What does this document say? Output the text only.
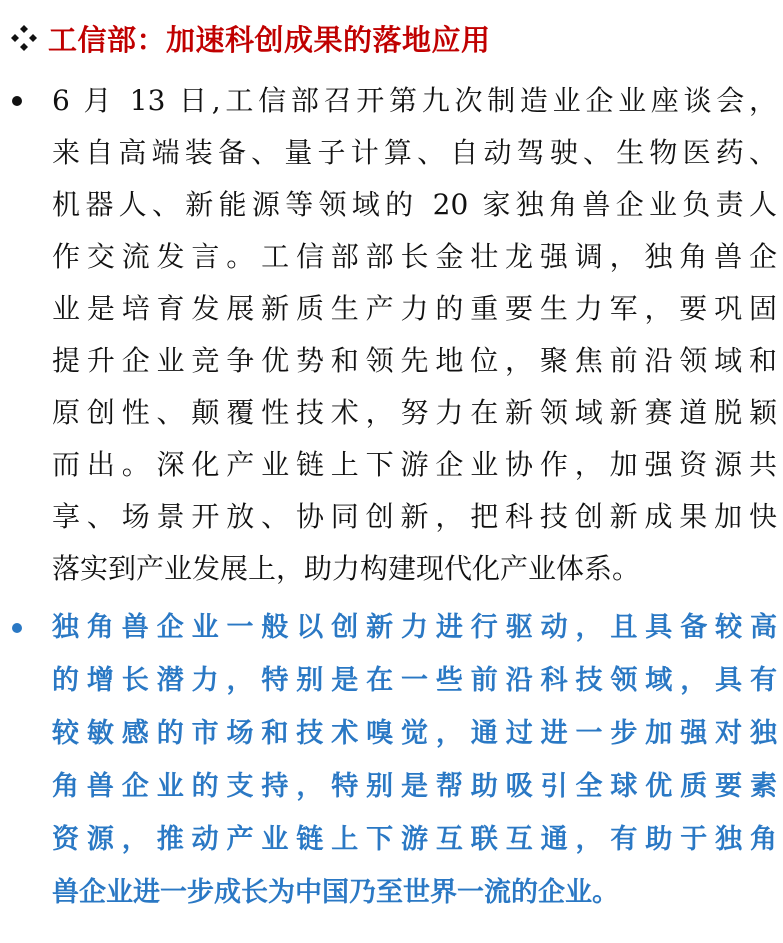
工信部：加速科创成果的落地应用
6 月 13 日,工信部召开第九次制造业企业座谈会，
来自高端装备、量子计算、自动驾驶、生物医药、
机器人、新能源等领域的 20 家独角兽企业负责人
作交流发言。工信部部长金壮龙强调，独角兽企
业是培育发展新质生产力的重要生力军，要巩固
提升企业竞争优势和领先地位，聚焦前沿领域和
原创性、颠覆性技术，努力在新领域新赛道脱颖
而出。深化产业链上下游企业协作，加强资源共
享、场景开放、协同创新，把科技创新成果加快
落实到产业发展上，助力构建现代化产业体系。
独角兽企业一般以创新力进行驱动，且具备较高
的增长潜力，特别是在一些前沿科技领域，具有
较敏感的市场和技术嗅觉，通过进一步加强对独
角兽企业的支持，特别是帮助吸引全球优质要素
资源，推动产业链上下游互联互通，有助于独角
兽企业进一步成长为中国乃至世界一流的企业。
